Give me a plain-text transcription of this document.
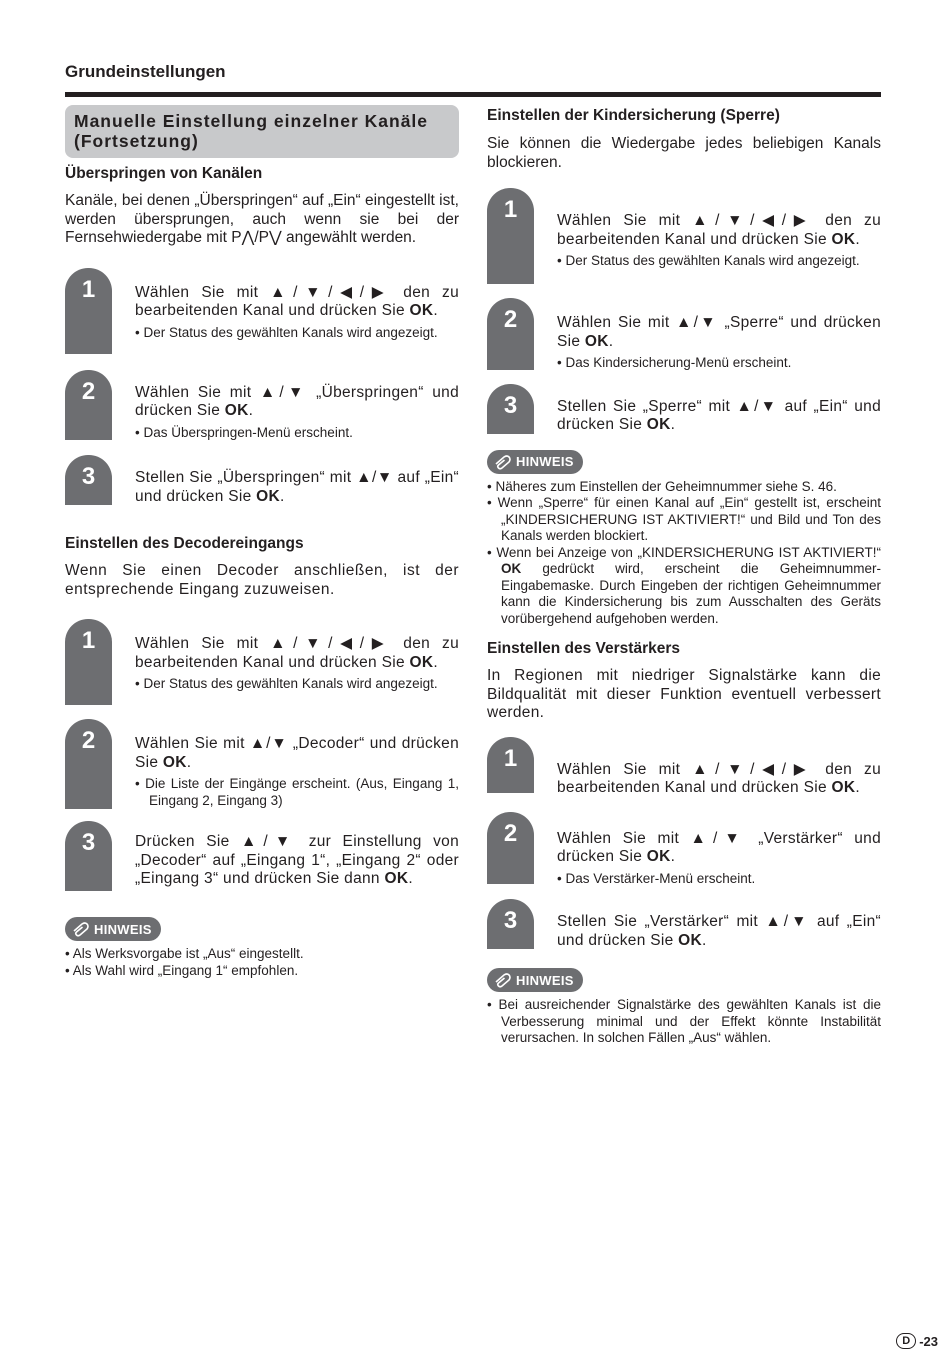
Grundeinstellungen
Manuelle Einstellung einzelner Kanäle (Fortsetzung)
Überspringen von Kanälen

Kanäle, bei denen „Überspringen“ auf „Ein“ eingestellt ist, werden übersprungen, auch wenn sie bei der Fernsehwiedergabe mit P⋀/P⋁ angewählt werden.

1	Wählen Sie mit ▲/▼/◀/▶ den zu bearbeitenden Kanal und drücken Sie OK.

• Der Status des gewählten Kanals wird angezeigt.

2	Wählen Sie mit ▲/▼ „Überspringen“ und drücken Sie OK.

• Das Überspringen-Menü erscheint.

3	Stellen Sie „Überspringen“ mit ▲/▼ auf „Ein“ und drücken Sie OK.

Einstellen des Decodereingangs

Wenn Sie einen Decoder anschließen, ist der entsprechende Eingang zuzuweisen.

1	Wählen Sie mit ▲/▼/◀/▶ den zu bearbeitenden Kanal und drücken Sie OK.

• Der Status des gewählten Kanals wird angezeigt.

2	Wählen Sie mit ▲/▼ „Decoder“ und drücken Sie OK.

• Die Liste der Eingänge erscheint. (Aus, Eingang 1, Eingang 2, Eingang 3)

3	Drücken Sie ▲/▼ zur Einstellung von „Decoder“ auf „Eingang 1“, „Eingang 2“ oder „Eingang 3“ und drücken Sie dann OK.

HINWEIS
• Als Werksvorgabe ist „Aus“ eingestellt.
• Als Wahl wird „Eingang 1“ empfohlen.
Einstellen der Kindersicherung (Sperre)

Sie können die Wiedergabe jedes beliebigen Kanals blockieren.

1	Wählen Sie mit ▲/▼/◀/▶ den zu bearbeitenden Kanal und drücken Sie OK.

• Der Status des gewählten Kanals wird angezeigt.

2	Wählen Sie mit ▲/▼ „Sperre“ und drücken Sie OK.

• Das Kindersicherung-Menü erscheint.

3	Stellen Sie „Sperre“ mit ▲/▼ auf „Ein“ und drücken Sie OK.

HINWEIS
• Näheres zum Einstellen der Geheimnummer siehe S. 46.
• Wenn „Sperre“ für einen Kanal auf „Ein“ gestellt ist, erscheint „KINDERSICHERUNG IST AKTIVIERT!“ und Bild und Ton des Kanals werden blockiert.
• Wenn bei Anzeige von „KINDERSICHERUNG IST AKTIVIERT!“ OK gedrückt wird, erscheint die Geheimnummer-Eingabemaske. Durch Eingeben der richtigen Geheimnummer kann die Kindersicherung bis zum Ausschalten des Geräts vorübergehend aufgehoben werden.
Einstellen des Verstärkers

In Regionen mit niedriger Signalstärke kann die Bildqualität mit dieser Funktion eventuell verbessert werden.

1	Wählen Sie mit ▲/▼/◀/▶ den zu bearbeitenden Kanal und drücken Sie OK.

2	Wählen Sie mit ▲/▼ „Verstärker“ und drücken Sie OK.

• Das Verstärker-Menü erscheint.

3	Stellen Sie „Verstärker“ mit ▲/▼ auf „Ein“ und drücken Sie OK.

HINWEIS
• Bei ausreichender Signalstärke des gewählten Kanals ist die Verbesserung minimal und der Effekt könnte Instabilität verursachen. In solchen Fällen „Aus“ wählen.
D -23
